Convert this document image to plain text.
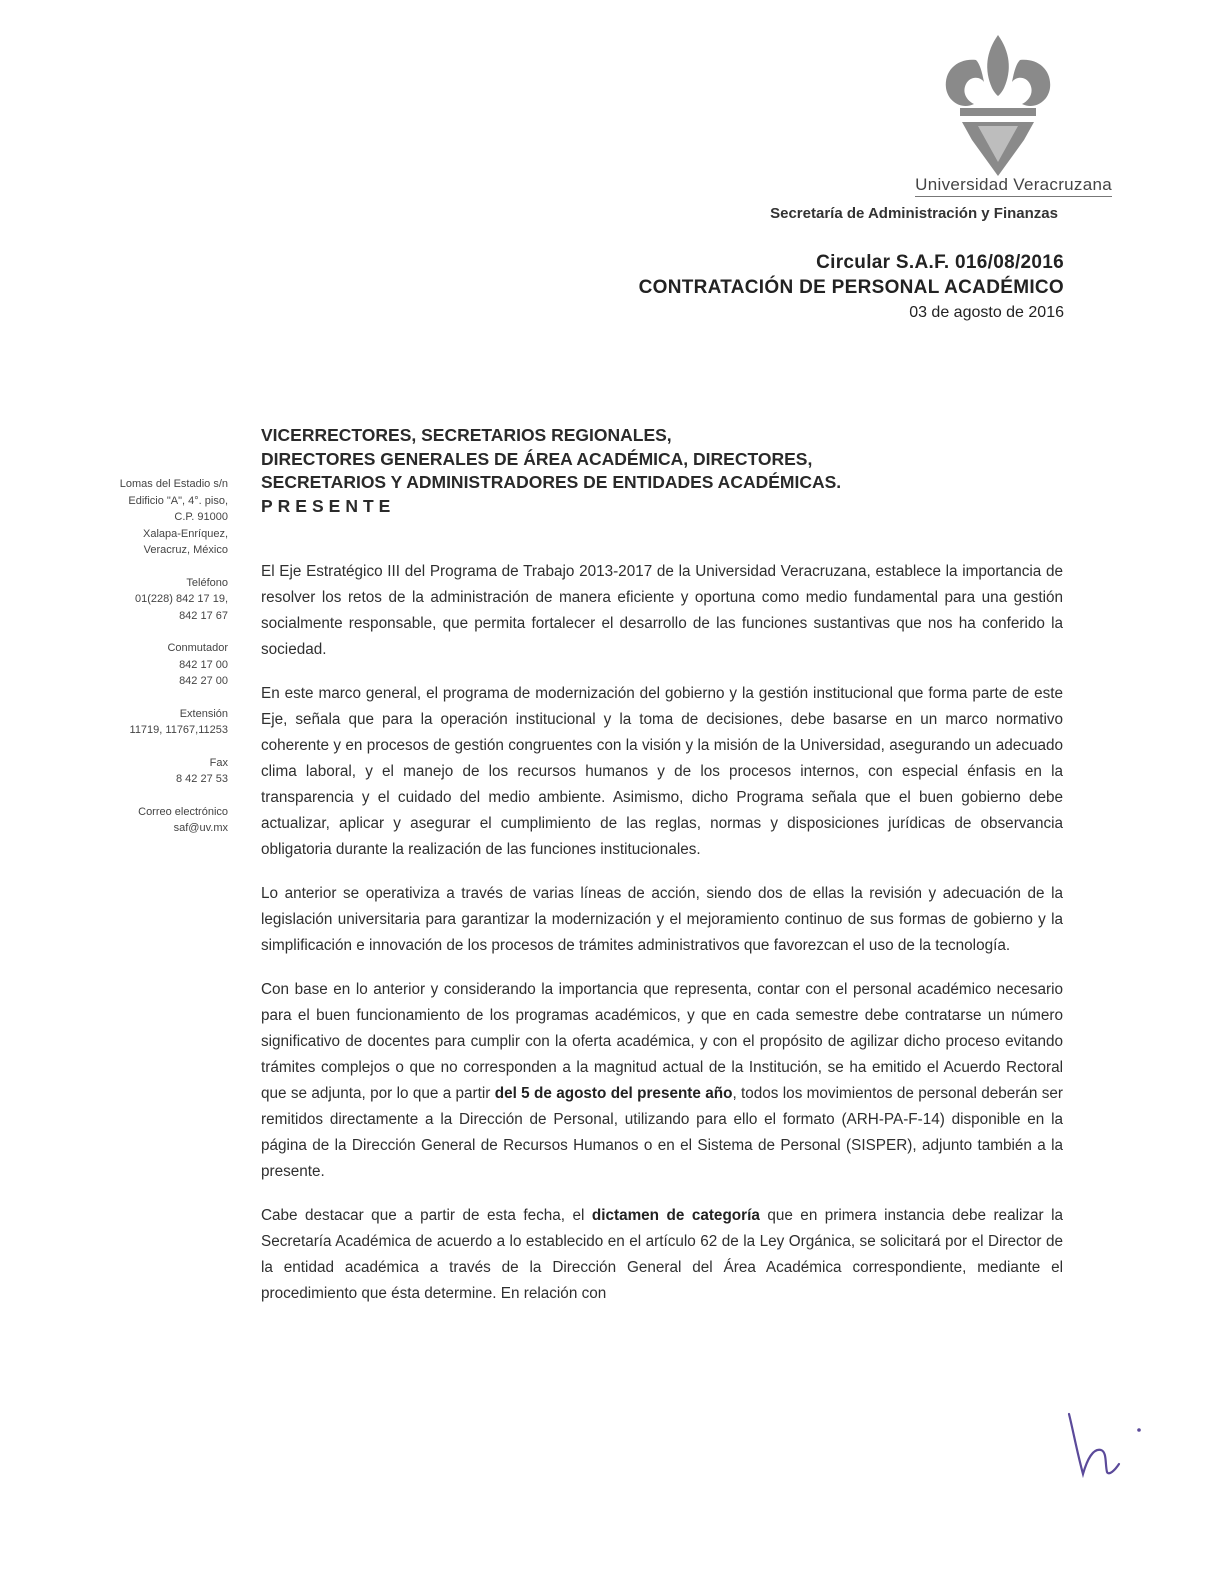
Universidad Veracruzana
Secretaría de Administración y Finanzas
Circular S.A.F. 016/08/2016
CONTRATACIÓN DE PERSONAL ACADÉMICO
03 de agosto de 2016
Lomas del Estadio s/n
Edificio "A", 4°. piso,
C.P. 91000
Xalapa-Enríquez,
Veracruz, México
Teléfono
01(228) 842 17 19,
842 17 67
Conmutador
842 17 00
842 27 00
Extensión
11719, 11767,11253
Fax
8 42 27 53
Correo electrónico
saf@uv.mx
VICERRECTORES, SECRETARIOS REGIONALES,
DIRECTORES GENERALES DE ÁREA ACADÉMICA, DIRECTORES,
SECRETARIOS Y ADMINISTRADORES DE ENTIDADES ACADÉMICAS.
PRESENTE

El Eje Estratégico III del Programa de Trabajo 2013-2017 de la Universidad Veracruzana, establece la importancia de resolver los retos de la administración de manera eficiente y oportuna como medio fundamental para una gestión socialmente responsable, que permita fortalecer el desarrollo de las funciones sustantivas que nos ha conferido la sociedad.

En este marco general, el programa de modernización del gobierno y la gestión institucional que forma parte de este Eje, señala que para la operación institucional y la toma de decisiones, debe basarse en un marco normativo coherente y en procesos de gestión congruentes con la visión y la misión de la Universidad, asegurando un adecuado clima laboral, y el manejo de los recursos humanos y de los procesos internos, con especial énfasis en la transparencia y el cuidado del medio ambiente. Asimismo, dicho Programa señala que el buen gobierno debe actualizar, aplicar y asegurar el cumplimiento de las reglas, normas y disposiciones jurídicas de observancia obligatoria durante la realización de las funciones institucionales.

Lo anterior se operativiza a través de varias líneas de acción, siendo dos de ellas la revisión y adecuación de la legislación universitaria para garantizar la modernización y el mejoramiento continuo de sus formas de gobierno y la simplificación e innovación de los procesos de trámites administrativos que favorezcan el uso de la tecnología.

Con base en lo anterior y considerando la importancia que representa, contar con el personal académico necesario para el buen funcionamiento de los programas académicos, y que en cada semestre debe contratarse un número significativo de docentes para cumplir con la oferta académica, y con el propósito de agilizar dicho proceso evitando trámites complejos o que no corresponden a la magnitud actual de la Institución, se ha emitido el Acuerdo Rectoral que se adjunta, por lo que a partir del 5 de agosto del presente año, todos los movimientos de personal deberán ser remitidos directamente a la Dirección de Personal, utilizando para ello el formato (ARH-PA-F-14) disponible en la página de la Dirección General de Recursos Humanos o en el Sistema de Personal (SISPER), adjunto también a la presente.

Cabe destacar que a partir de esta fecha, el dictamen de categoría que en primera instancia debe realizar la Secretaría Académica de acuerdo a lo establecido en el artículo 62 de la Ley Orgánica, se solicitará por el Director de la entidad académica a través de la Dirección General del Área Académica correspondiente, mediante el procedimiento que ésta determine. En relación con
